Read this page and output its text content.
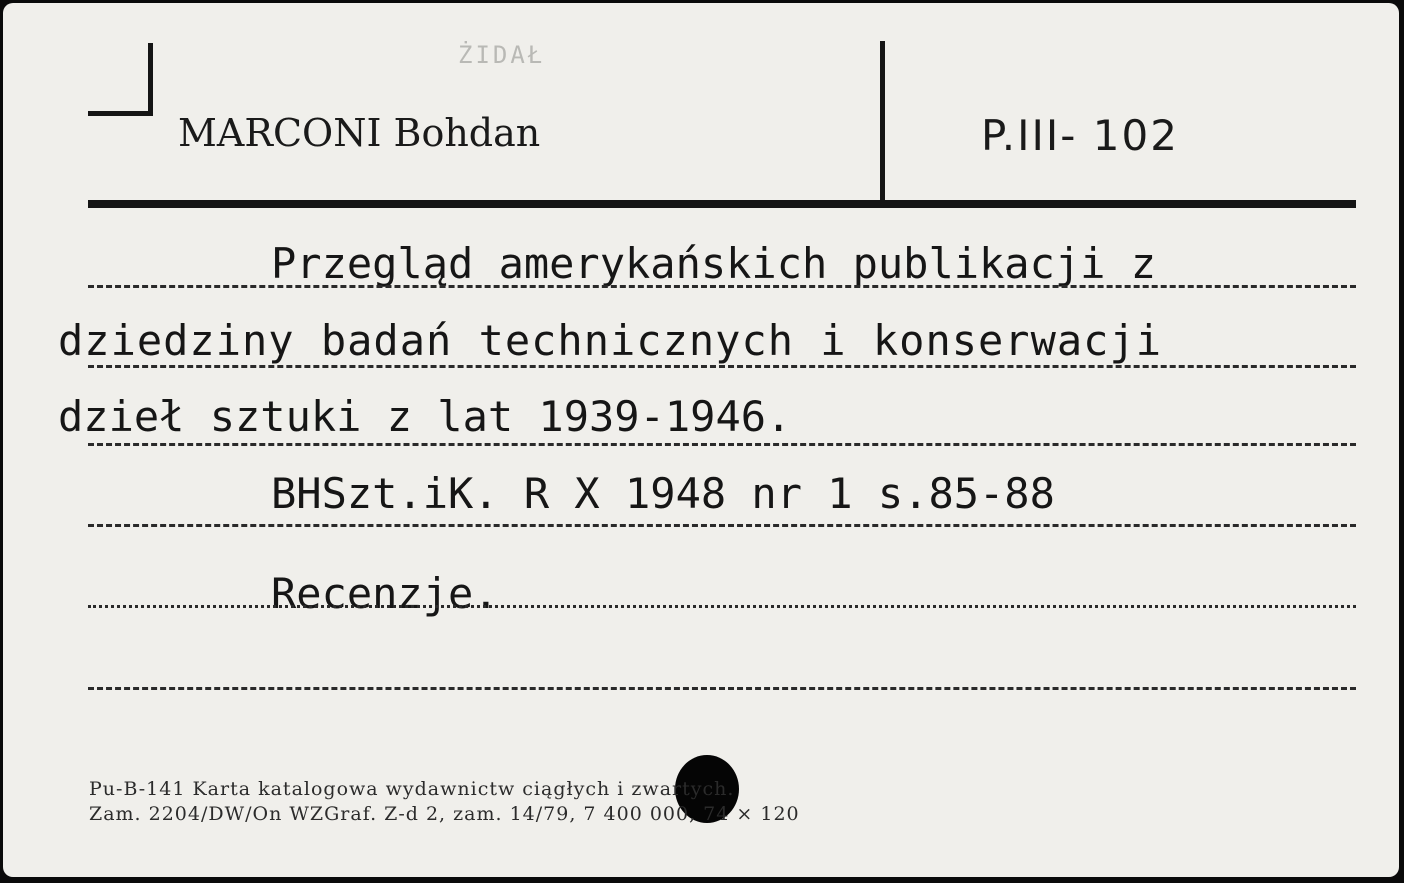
ŻIDAŁ
MARCONI Bohdan	P.III- 102
Przegląd amerykańskich publikacji z
dziedziny badań technicznych i konserwacji
dzieł sztuki z lat 1939-1946.
BHSzt.iK. R X 1948 nr 1 s.85-88
Recenzje.
Pu-B-141 Karta katalogowa wydawnictw ciągłych i zwartych.
Zam. 2204/DW/On WZGraf. Z-d 2, zam. 14/79, 7 400 000, 74 × 120
